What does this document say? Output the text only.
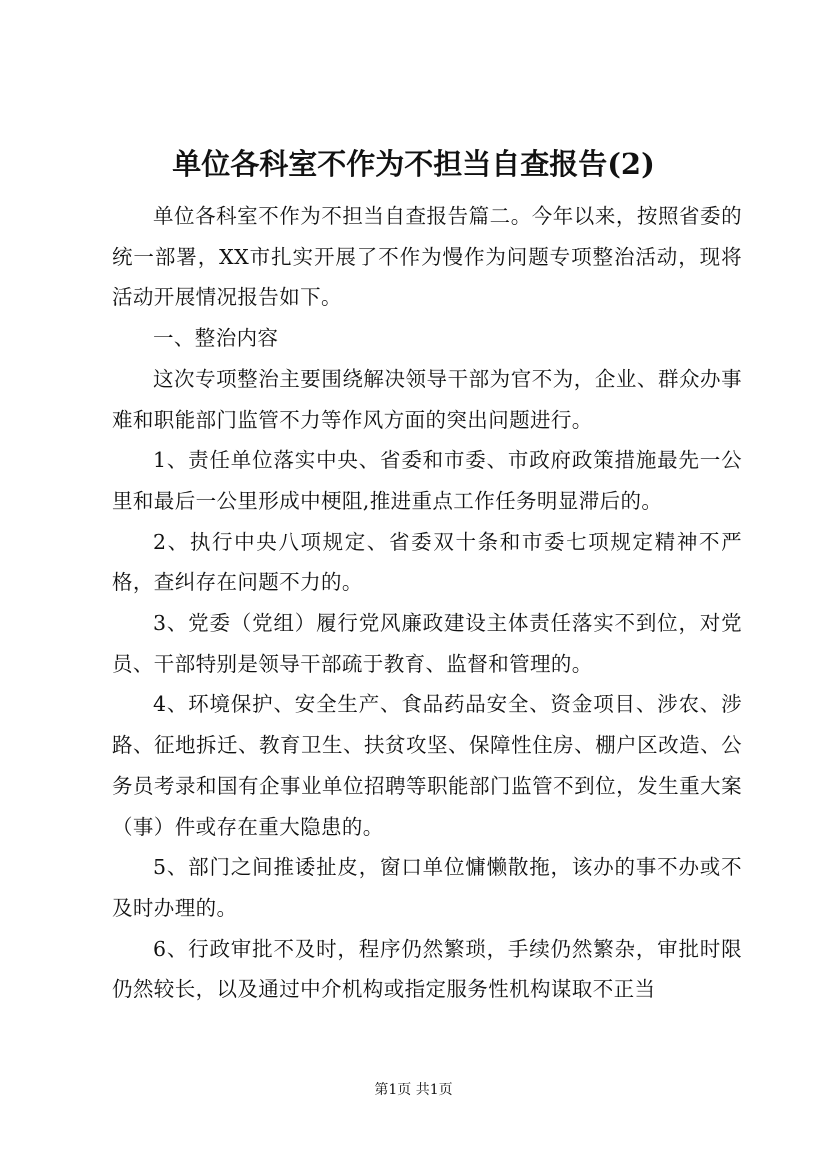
单位各科室不作为不担当自查报告(2)

单位各科室不作为不担当自查报告篇二。今年以来，按照省委的统一部署，XX市扎实开展了不作为慢作为问题专项整治活动，现将活动开展情况报告如下。

一、整治内容

这次专项整治主要围绕解决领导干部为官不为，企业、群众办事难和职能部门监管不力等作风方面的突出问题进行。

1、责任单位落实中央、省委和市委、市政府政策措施最先一公里和最后一公里形成中梗阻,推进重点工作任务明显滞后的。

2、执行中央八项规定、省委双十条和市委七项规定精神不严格，查纠存在问题不力的。

3、党委（党组）履行党风廉政建设主体责任落实不到位，对党员、干部特别是领导干部疏于教育、监督和管理的。

4、环境保护、安全生产、食品药品安全、资金项目、涉农、涉路、征地拆迁、教育卫生、扶贫攻坚、保障性住房、棚户区改造、公务员考录和国有企事业单位招聘等职能部门监管不到位，发生重大案（事）件或存在重大隐患的。

5、部门之间推诿扯皮，窗口单位慵懒散拖，该办的事不办或不及时办理的。

6、行政审批不及时，程序仍然繁琐，手续仍然繁杂，审批时限仍然较长，以及通过中介机构或指定服务性机构谋取不正当

第1页 共1页
